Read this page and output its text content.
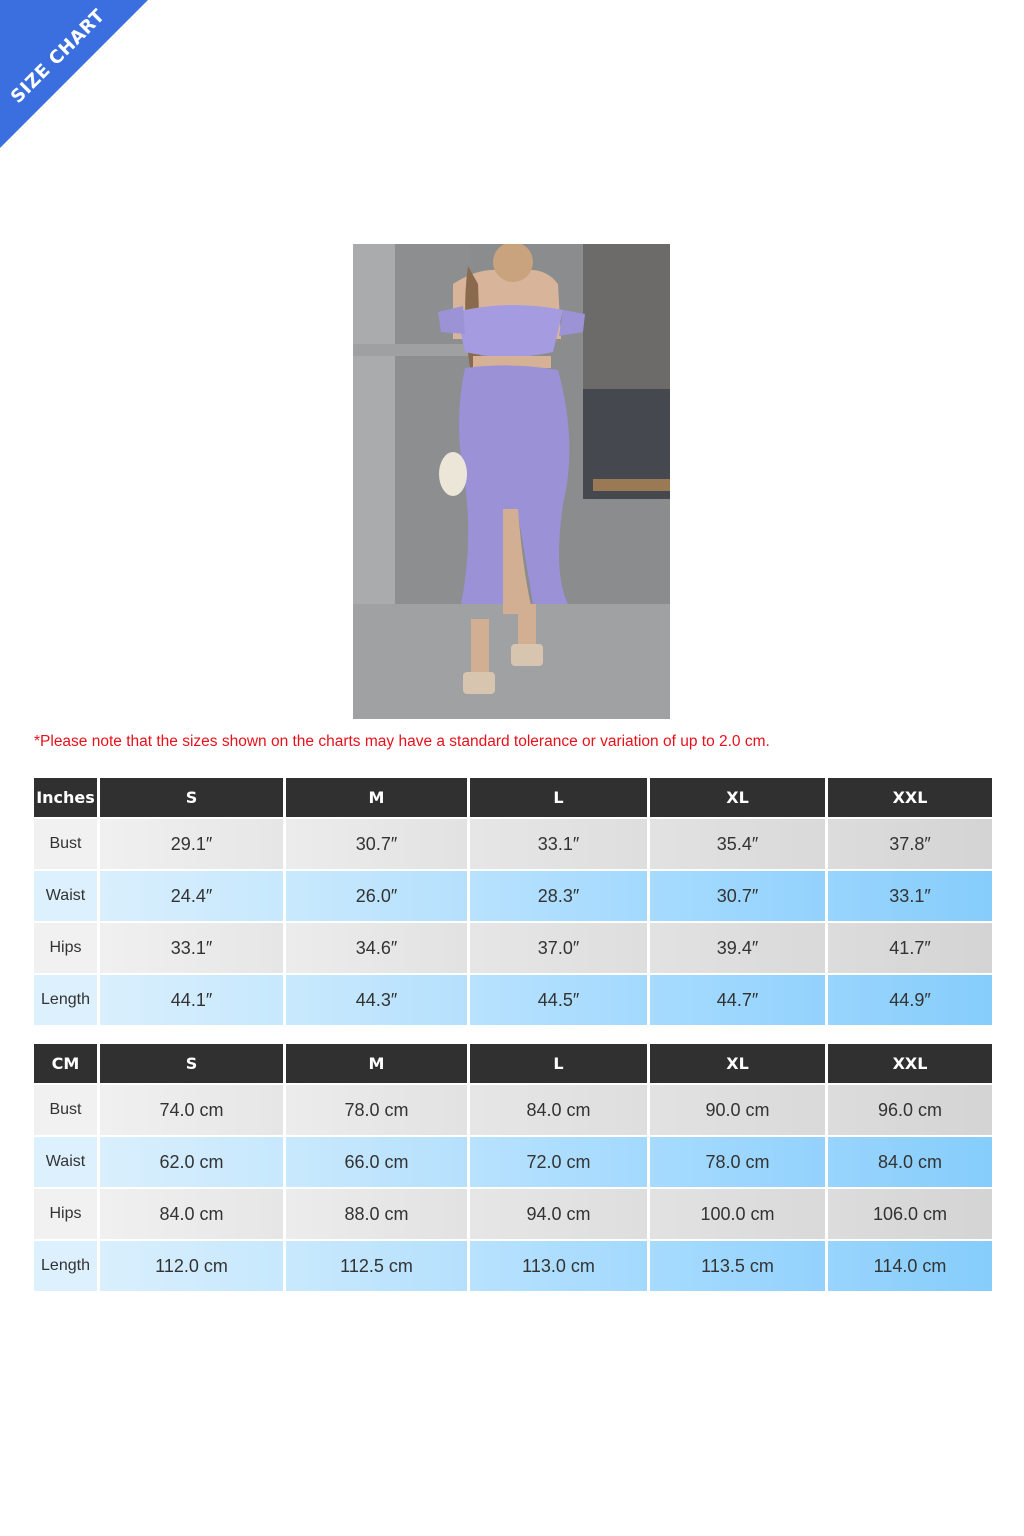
SIZE CHART
*Please note that the sizes shown on the charts may have a standard tolerance or variation of up to 2.0 cm.
Inches	S	M	L	XL	XXL
Bust	29.1″	30.7″	33.1″	35.4″	37.8″
Waist	24.4″	26.0″	28.3″	30.7″	33.1″
Hips	33.1″	34.6″	37.0″	39.4″	41.7″
Length	44.1″	44.3″	44.5″	44.7″	44.9″
CM	S	M	L	XL	XXL
Bust	74.0 cm	78.0 cm	84.0 cm	90.0 cm	96.0 cm
Waist	62.0 cm	66.0 cm	72.0 cm	78.0 cm	84.0 cm
Hips	84.0 cm	88.0 cm	94.0 cm	100.0 cm	106.0 cm
Length	112.0 cm	112.5 cm	113.0 cm	113.5 cm	114.0 cm
